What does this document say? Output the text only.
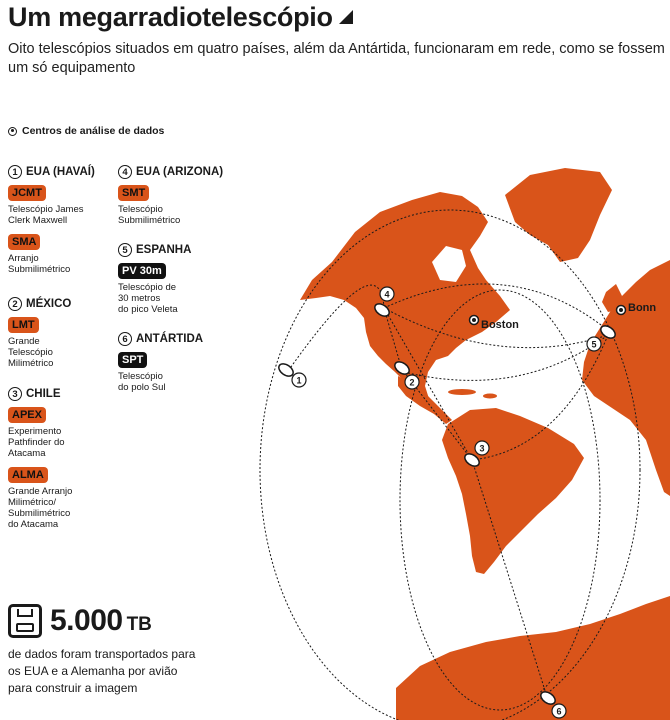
1	2
3
4
5
6
Boston
Bonn
Um megarradiotelescópio
Oito telescópios situados em quatro países, além da Antártida, funcionaram em rede, como se fossem um só equipamento
Centros de análise de dados
1 EUA (HAVAÍ)
JCMT
Telescópio James
Clerk Maxwell
SMA
Arranjo
Submilimétrico
2 MÉXICO
LMT
Grande
Telescópio
Milimétrico
3 CHILE
APEX
Experimento
Pathfinder do
Atacama
ALMA
Grande Arranjo
Milimétrico/
Submilimétrico
do Atacama
4 EUA (ARIZONA)
SMT
Telescópio
Submilimétrico
5 ESPANHA
PV 30m
Telescópio de
30 metros
do pico Veleta
6 ANTÁRTIDA
SPT
Telescópio
do polo Sul
5.000 TB
de dados foram transportados para os EUA e a Alemanha por avião para construir a imagem
